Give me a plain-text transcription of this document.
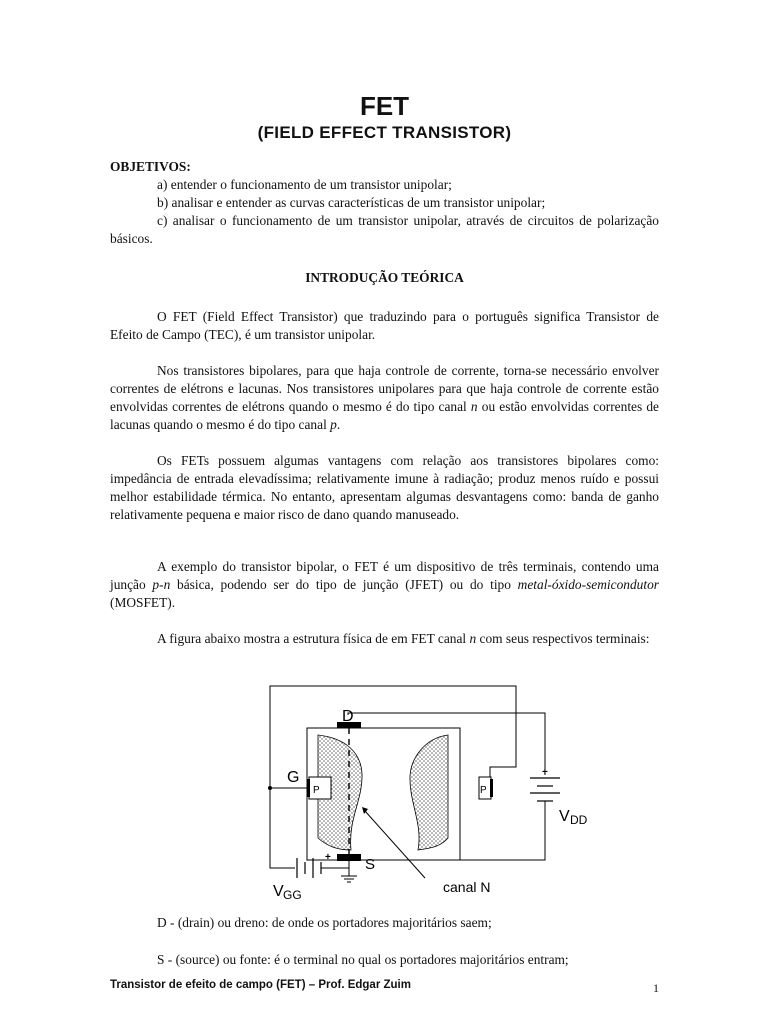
FET
(FIELD EFFECT TRANSISTOR)
OBJETIVOS:
a) entender o funcionamento de um transistor unipolar;
b) analisar e entender as curvas características de um transistor unipolar;
c) analisar o funcionamento de um transistor unipolar, através de circuitos de polarização básicos.
INTRODUÇÃO TEÓRICA
O FET (Field Effect Transistor) que traduzindo para o português significa Transistor de Efeito de Campo (TEC), é um transistor unipolar.
Nos transistores bipolares, para que haja controle de corrente, torna-se necessário envolver correntes de elétrons e lacunas. Nos transistores unipolares para que haja controle de corrente estão envolvidas correntes de elétrons quando o mesmo é do tipo canal n ou estão envolvidas correntes de lacunas quando o mesmo é do tipo canal p.
Os FETs possuem algumas vantagens com relação aos transistores bipolares como: impedância de entrada elevadíssima; relativamente imune à radiação; produz menos ruído e possui melhor estabilidade térmica. No entanto, apresentam algumas desvantagens como: banda de ganho relativamente pequena e maior risco de dano quando manuseado.
A exemplo do transistor bipolar, o FET é um dispositivo de três terminais, contendo uma junção p-n básica, podendo ser do tipo de junção (JFET) ou do tipo metal-óxido-semicondutor (MOSFET).
A figura abaixo mostra a estrutura física de em FET canal n com seus respectivos terminais:
D
G
S
P	P
+
V DD
+
V GG	canal N
D - (drain) ou dreno: de onde os portadores majoritários saem;
S - (source) ou fonte: é o terminal no qual os portadores majoritários entram;
Transistor de efeito de campo (FET) – Prof. Edgar Zuim	1
